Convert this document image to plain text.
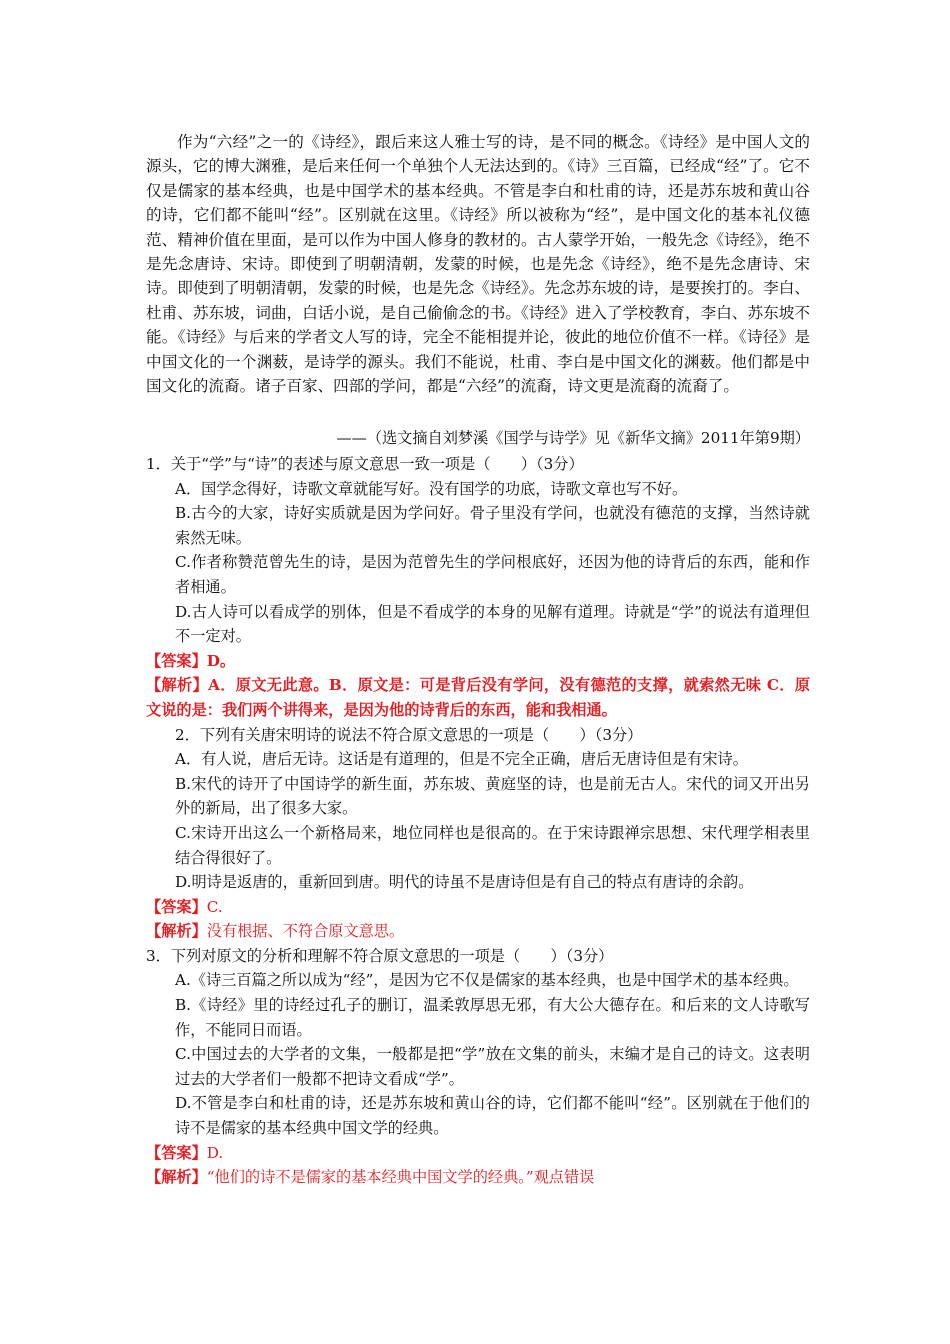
作为“六经”之一的《诗经》，跟后来这人雅士写的诗，是不同的概念。《诗经》是中国人文的源头，它的博大渊雅，是后来任何一个单独个人无法达到的。《诗》三百篇，已经成“经”了。它不仅是儒家的基本经典，也是中国学术的基本经典。不管是李白和杜甫的诗，还是苏东坡和黄山谷的诗，它们都不能叫“经”。区别就在这里。《诗经》所以被称为“经”，是中国文化的基本礼仪德范、精神价值在里面，是可以作为中国人修身的教材的。古人蒙学开始，一般先念《诗经》，绝不是先念唐诗、宋诗。即使到了明朝清朝，发蒙的时候，也是先念《诗经》，绝不是先念唐诗、宋诗。即使到了明朝清朝，发蒙的时候，也是先念《诗经》。先念苏东坡的诗，是要挨打的。李白、杜甫、苏东坡，词曲，白话小说，是自己偷偷念的书。《诗经》进入了学校教育，李白、苏东坡不能。《诗经》与后来的学者文人写的诗，完全不能相提并论，彼此的地位价值不一样。《诗径》是中国文化的一个渊薮，是诗学的源头。我们不能说，杜甫、李白是中国文化的渊薮。他们都是中国文化的流裔。诸子百家、四部的学问，都是“六经”的流裔，诗文更是流裔的流裔了。

——（选文摘自刘梦溪《国学与诗学》见《新华文摘》2011年第9期）

1．关于“学”与“诗”的表述与原文意思一致一项是（　　）（3分）

A．国学念得好，诗歌文章就能写好。没有国学的功底，诗歌文章也写不好。

B.古今的大家，诗好实质就是因为学问好。骨子里没有学问，也就没有德范的支撑，当然诗就索然无味。

C.作者称赞范曾先生的诗，是因为范曾先生的学问根底好，还因为他的诗背后的东西，能和作者相通。

D.古人诗可以看成学的别体，但是不看成学的本身的见解有道理。诗就是“学”的说法有道理但不一定对。

【答案】D。

【解析】A．原文无此意。B．原文是：可是背后没有学问，没有德范的支撑，就索然无味 C．原文说的是：我们两个讲得来，是因为他的诗背后的东西，能和我相通。

2．下列有关唐宋明诗的说法不符合原文意思的一项是（　　）（3分）

A．有人说，唐后无诗。这话是有道理的，但是不完全正确，唐后无唐诗但是有宋诗。

B.宋代的诗开了中国诗学的新生面，苏东坡、黄庭坚的诗，也是前无古人。宋代的词又开出另外的新局，出了很多大家。

C.宋诗开出这么一个新格局来，地位同样也是很高的。在于宋诗跟禅宗思想、宋代理学相表里结合得很好了。

D.明诗是返唐的，重新回到唐。明代的诗虽不是唐诗但是有自己的特点有唐诗的余韵。

【答案】C.

【解析】没有根据、不符合原文意思。

3．下列对原文的分析和理解不符合原文意思的一项是（　　）（3分）

A.《诗三百篇之所以成为“经”，是因为它不仅是儒家的基本经典，也是中国学术的基本经典。

B.《诗经》里的诗经过孔子的删订，温柔敦厚思无邪，有大公大德存在。和后来的文人诗歌写作，不能同日而语。

C.中国过去的大学者的文集，一般都是把“学”放在文集的前头，末编才是自己的诗文。这表明过去的大学者们一般都不把诗文看成“学”。

D.不管是李白和杜甫的诗，还是苏东坡和黄山谷的诗，它们都不能叫“经”。区别就在于他们的诗不是儒家的基本经典中国文学的经典。

【答案】D.

【解析】“他们的诗不是儒家的基本经典中国文学的经典。”观点错误
